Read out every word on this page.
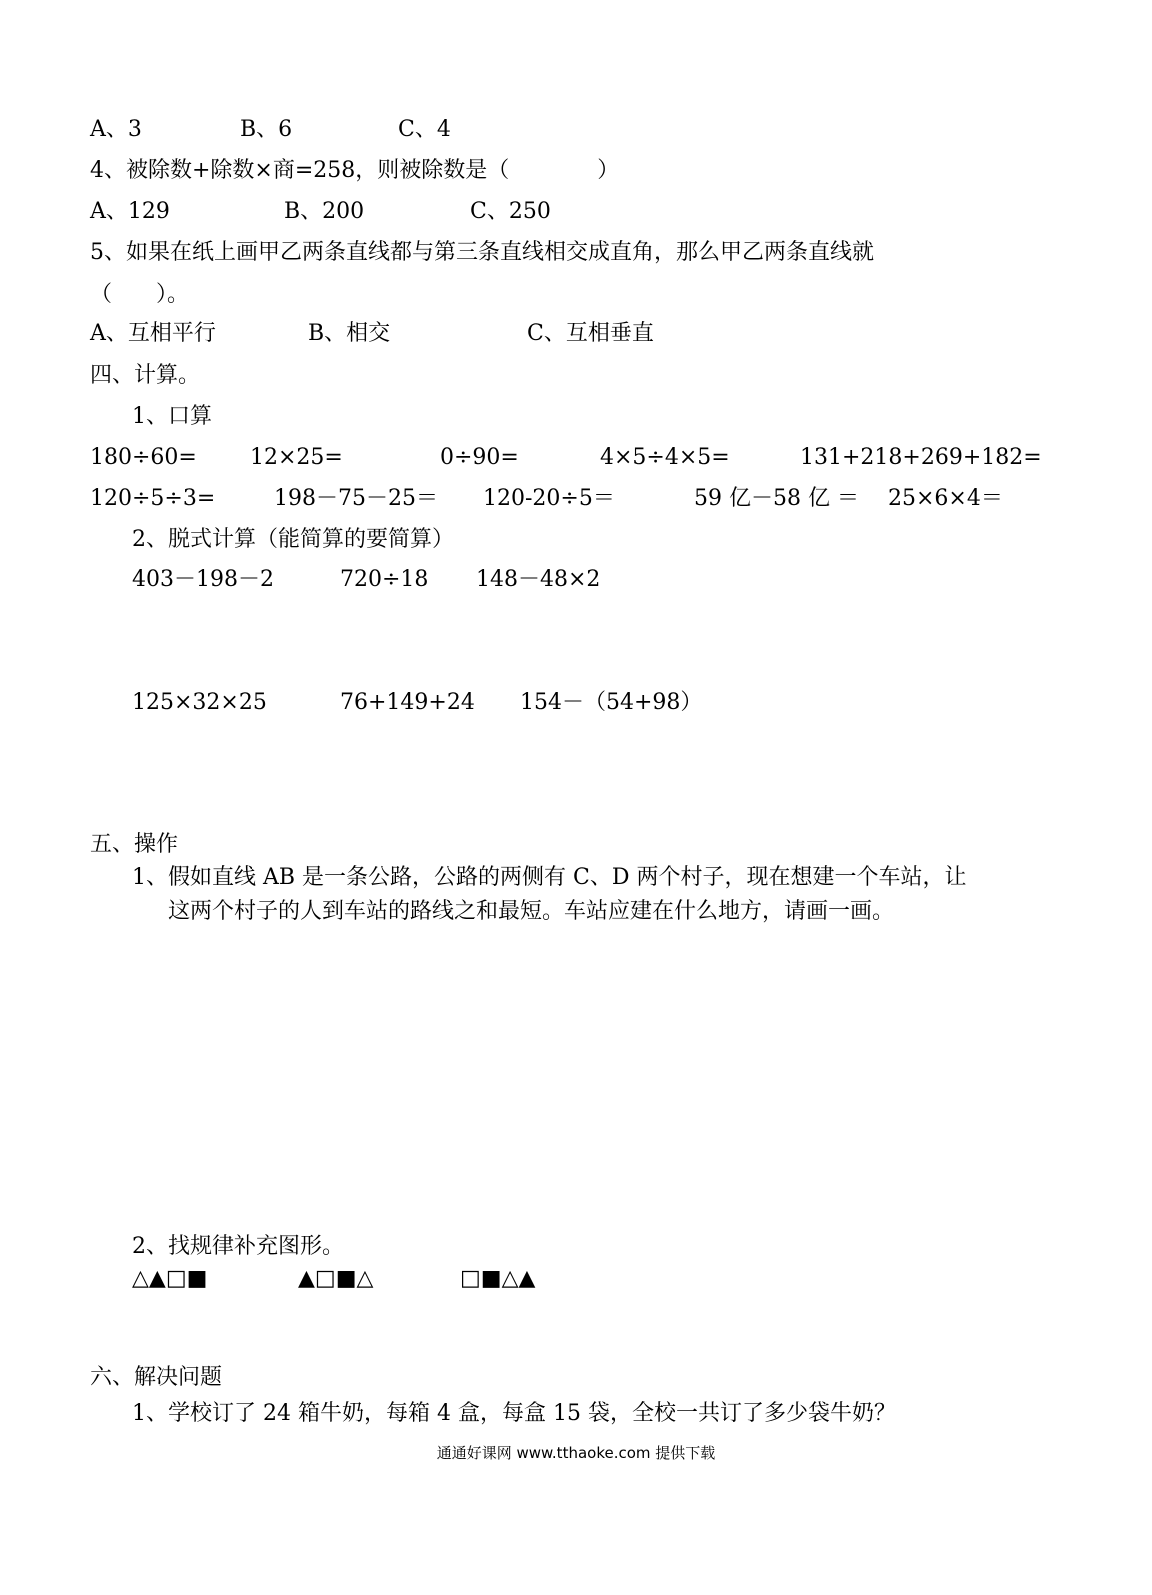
A、3	B、6	C、4
4、被除数+除数×商=258，则被除数是（　　　　）
A、129	B、200	C、250
5、如果在纸上画甲乙两条直线都与第三条直线相交成直角，那么甲乙两条直线就
（　　）。
A、互相平行	B、相交	C、互相垂直
四、计算。
1、口算
180÷60= 12×25=	0÷90=	4×5÷4×5=	131+218+269+182=
120÷5÷3=	198－75－25＝ 120-20÷5＝	59 亿－58 亿 ＝ 25×6×4＝
2、脱式计算（能简算的要简算）
403－198－2	720÷18 148－48×2
125×32×25	76+149+24 154－（54+98）
五、操作
1、假如直线 AB 是一条公路，公路的两侧有 C、D 两个村子，现在想建一个车站，让
这两个村子的人到车站的路线之和最短。车站应建在什么地方，请画一画。
2、找规律补充图形。
△▲□■	▲□■△	□■△▲
六、解决问题
1、学校订了 24 箱牛奶，每箱 4 盒，每盒 15 袋，全校一共订了多少袋牛奶？
通通好课网 www.tthaoke.com 提供下载
